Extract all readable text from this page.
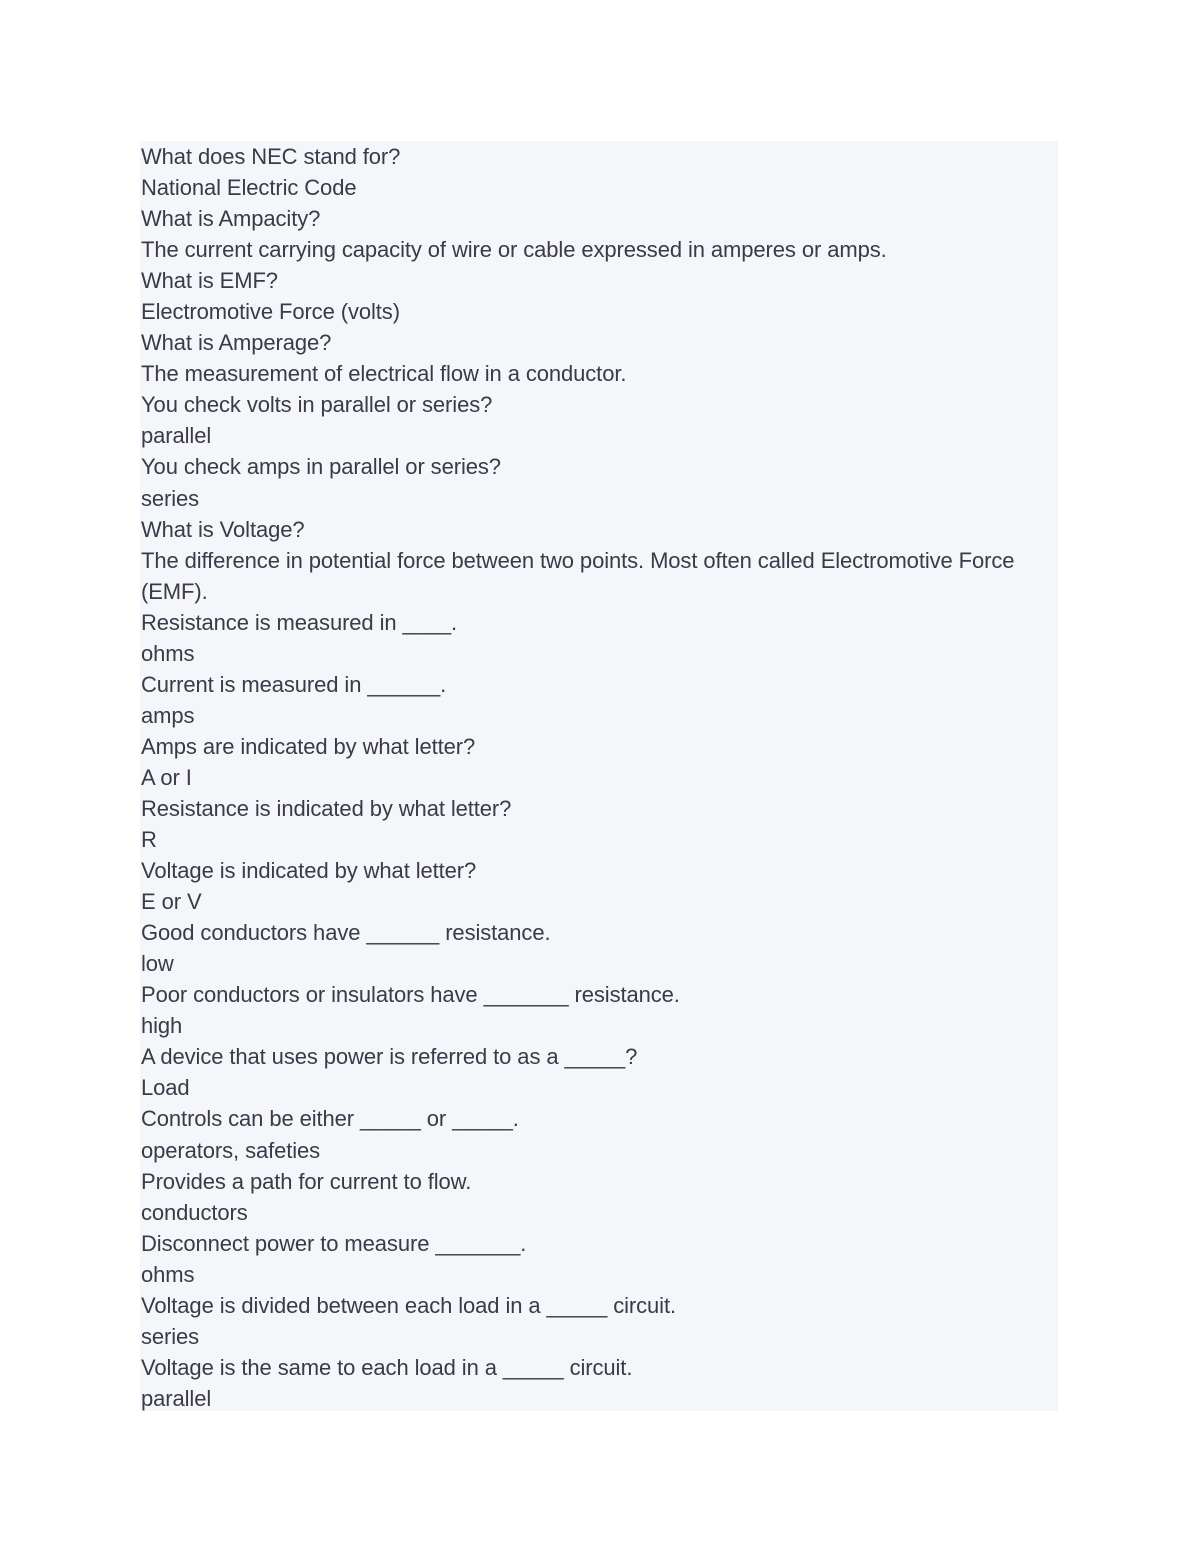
What does NEC stand for?
National Electric Code
What is Ampacity?
The current carrying capacity of wire or cable expressed in amperes or amps.
What is EMF?
Electromotive Force (volts)
What is Amperage?
The measurement of electrical flow in a conductor.
You check volts in parallel or series?
parallel
You check amps in parallel or series?
series
What is Voltage?
The difference in potential force between two points. Most often called Electromotive Force (EMF).
Resistance is measured in ____.
ohms
Current is measured in ______.
amps
Amps are indicated by what letter?
A or I
Resistance is indicated by what letter?
R
Voltage is indicated by what letter?
E or V
Good conductors have ______ resistance.
low
Poor conductors or insulators have _______ resistance.
high
A device that uses power is referred to as a _____?
Load
Controls can be either _____ or _____.
operators, safeties
Provides a path for current to flow.
conductors
Disconnect power to measure _______.
ohms
Voltage is divided between each load in a _____ circuit.
series
Voltage is the same to each load in a _____ circuit.
parallel
